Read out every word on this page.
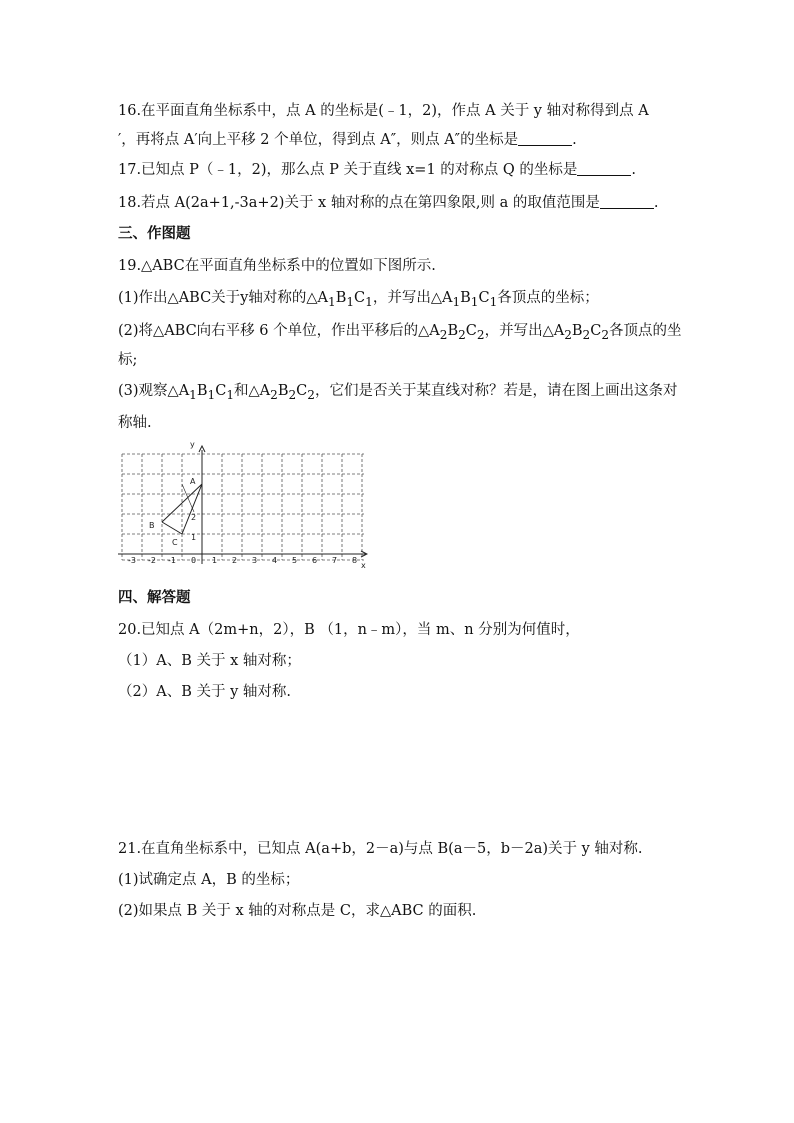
16.在平面直角坐标系中，点 A 的坐标是(﹣1，2)，作点 A 关于 y 轴对称得到点 A
′，再将点 A′向上平移 2 个单位，得到点 A″，则点 A″的坐标是	.
17.已知点 P（﹣1，2)，那么点 P 关于直线 x=1 的对称点 Q 的坐标是	.
18.若点 A(2a+1,-3a+2)关于 x 轴对称的点在第四象限,则 a 的取值范围是	.
三、作图题
19.△ABC在平面直角坐标系中的位置如下图所示.
(1)作出△ABC关于y轴对称的$\triangle A_1B_1C_1$，并写出$\triangle A_1B_1C_1$各顶点的坐标；
(2)将△ABC向右平移 6 个单位，作出平移后的$\triangle A_2B_2C_2$，并写出$\triangle A_2B_2C_2$各顶点的坐
标;
(3)观察$\triangle A_1B_1C_1$和$\triangle A_2B_2C_2$，它们是否关于某直线对称？若是，请在图上画出这条对
称轴.
y
x
A
B
C
1
2
-3 -2 -1 0 1 2 3 4 5 6 7 8
四、解答题
20.已知点 A（2m+n，2），B （1，n﹣m），当 m、n 分别为何值时，
（1）A、B 关于 x 轴对称；
（2）A、B 关于 y 轴对称.
21.在直角坐标系中，已知点 A(a+b，2－a)与点 B(a－5，b－2a)关于 y 轴对称.
(1)试确定点 A，B 的坐标；
(2)如果点 B 关于 x 轴的对称点是 C，求△ABC 的面积.
